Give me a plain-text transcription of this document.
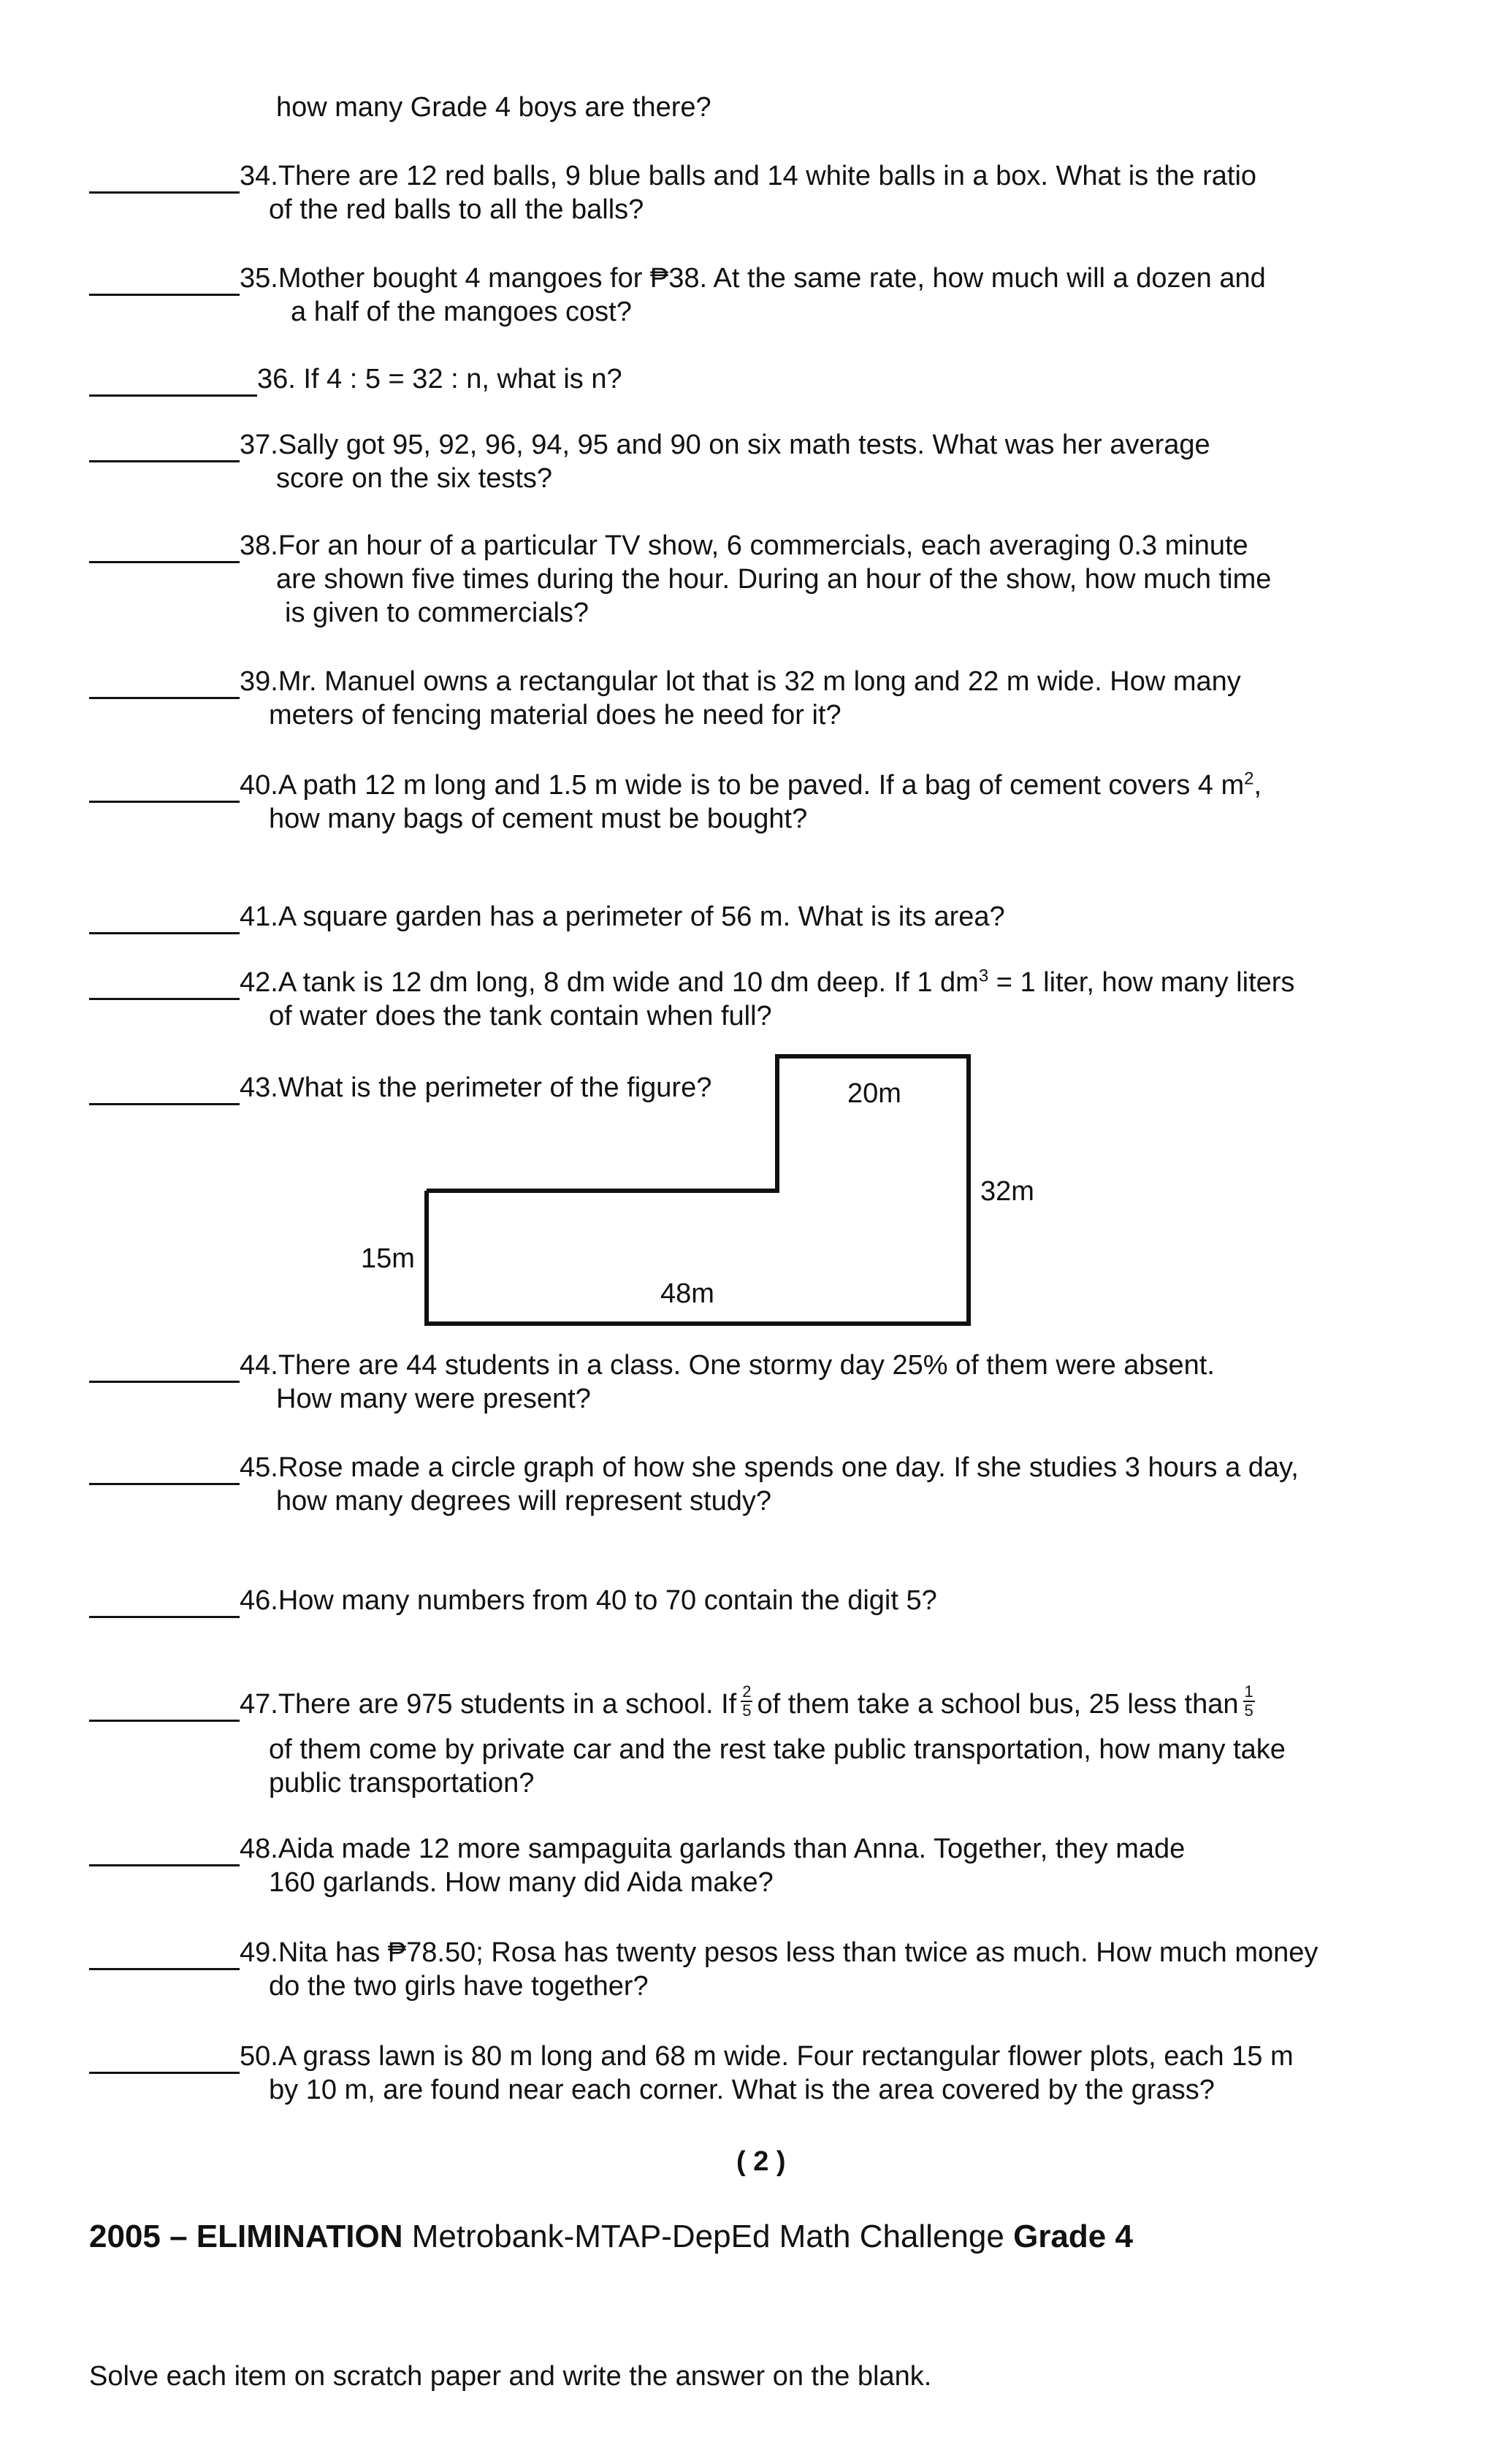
how many Grade 4 boys are there?
34.There are 12 red balls, 9 blue balls and 14 white balls in a box. What is the ratio
of the red balls to all the balls?
35.Mother bought 4 mangoes for ₱38. At the same rate, how much will a dozen and
a half of the mangoes cost?
36. If 4 : 5 = 32 : n, what is n?
37.Sally got 95, 92, 96, 94, 95 and 90 on six math tests. What was her average
score on the six tests?
38.For an hour of a particular TV show, 6 commercials, each averaging 0.3 minute
are shown five times during the hour. During an hour of the show, how much time
is given to commercials?
39.Mr. Manuel owns a rectangular lot that is 32 m long and 22 m wide. How many
meters of fencing material does he need for it?
40.A path 12 m long and 1.5 m wide is to be paved. If a bag of cement covers 4 $m^2$,
how many bags of cement must be bought?
41.A square garden has a perimeter of 56 m. What is its area?
42.A tank is 12 dm long, 8 dm wide and 10 dm deep. If 1 $dm^3 = 1$ liter, how many liters
of water does the tank contain when full?
43.What is the perimeter of the figure?	20m
32m
15m
48m
44.There are 44 students in a class. One stormy day 25% of them were absent.
How many were present?
45.Rose made a circle graph of how she spends one day. If she studies 3 hours a day,
how many degrees will represent study?
46.How many numbers from 40 to 70 contain the digit 5?
47.There are 975 students in a school. If $\frac{2}{5}$ of them take a school bus, 25 less than $\frac{1}{5}$
of them come by private car and the rest take public transportation, how many take
public transportation?
48.Aida made 12 more sampaguita garlands than Anna. Together, they made
160 garlands. How many did Aida make?
49.Nita has ₱78.50; Rosa has twenty pesos less than twice as much. How much money
do the two girls have together?
50.A grass lawn is 80 m long and 68 m wide. Four rectangular flower plots, each 15 m
by 10 m, are found near each corner. What is the area covered by the grass?
( 2 )
2005 – ELIMINATION Metrobank-MTAP-DepEd Math Challenge Grade 4
Solve each item on scratch paper and write the answer on the blank.
